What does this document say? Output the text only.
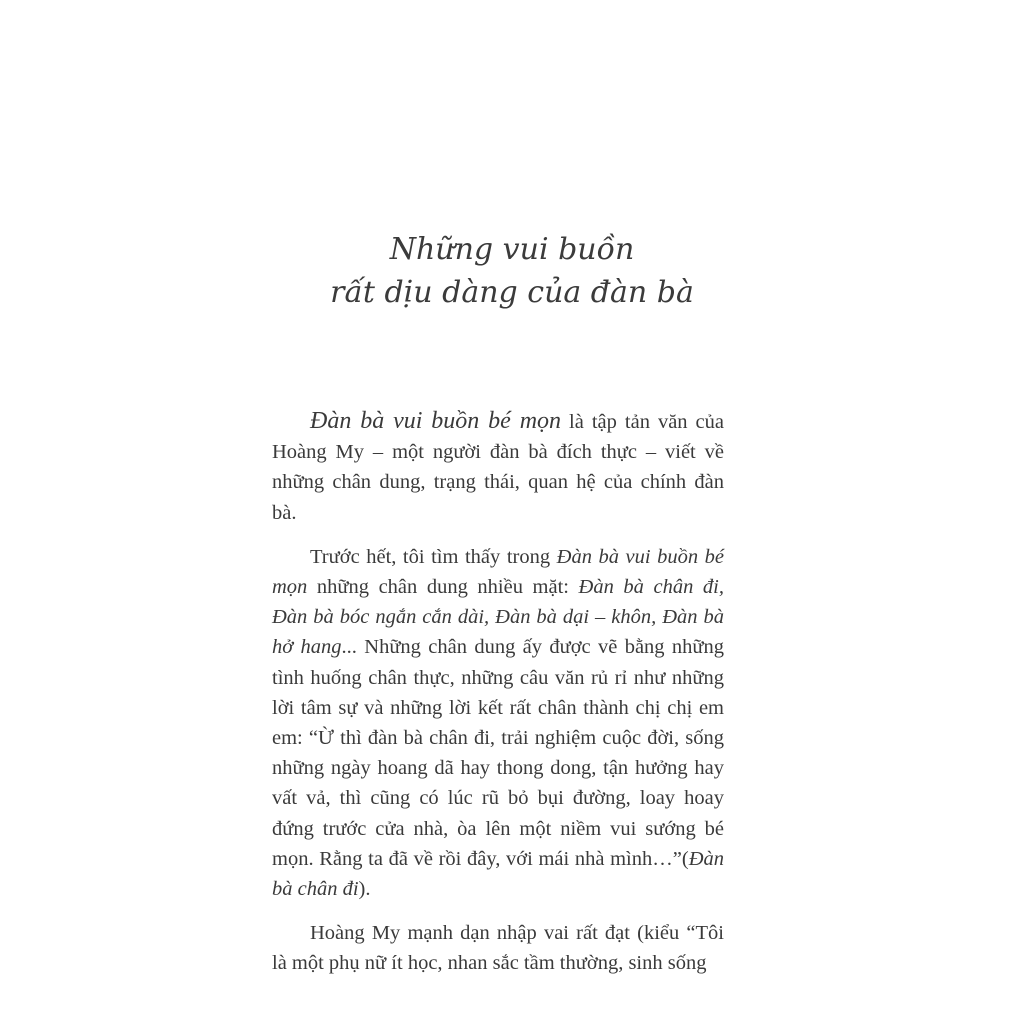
Những vui buồn
rất dịu dàng của đàn bà

Đàn bà vui buồn bé mọn là tập tản văn của Hoàng My – một người đàn bà đích thực – viết về những chân dung, trạng thái, quan hệ của chính đàn bà.

Trước hết, tôi tìm thấy trong Đàn bà vui buồn bé mọn những chân dung nhiều mặt: Đàn bà chân đi, Đàn bà bóc ngắn cắn dài, Đàn bà dại – khôn, Đàn bà hở hang... Những chân dung ấy được vẽ bằng những tình huống chân thực, những câu văn rủ rỉ như những lời tâm sự và những lời kết rất chân thành chị chị em em: “Ừ thì đàn bà chân đi, trải nghiệm cuộc đời, sống những ngày hoang dã hay thong dong, tận hưởng hay vất vả, thì cũng có lúc rũ bỏ bụi đường, loay hoay đứng trước cửa nhà, òa lên một niềm vui sướng bé mọn. Rằng ta đã về rồi đây, với mái nhà mình…”(Đàn bà chân đi).

Hoàng My mạnh dạn nhập vai rất đạt (kiểu “Tôi là một phụ nữ ít học, nhan sắc tầm thường, sinh sống
